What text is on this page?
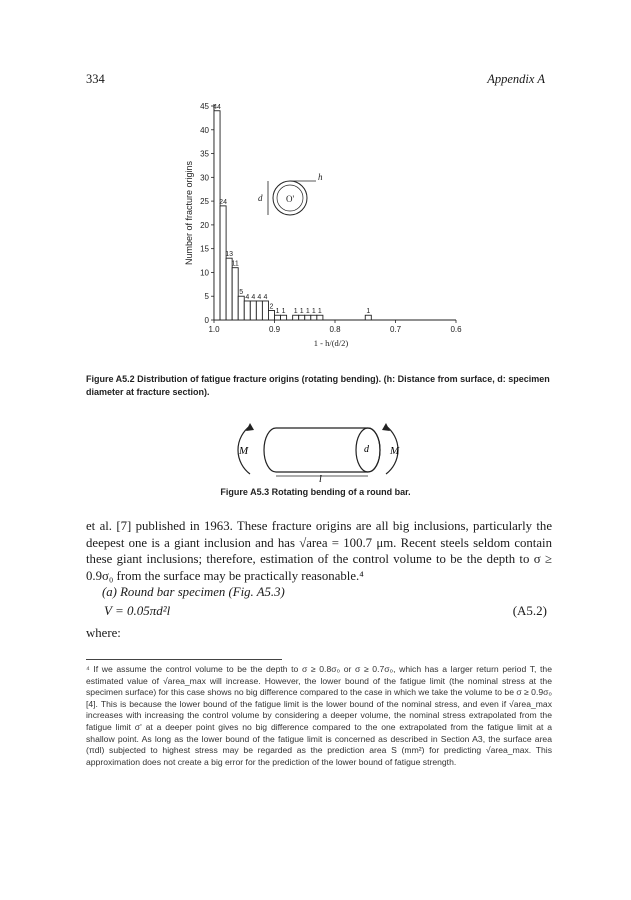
334	Appendix A
0
5
10
15
20
25
30
35
40
45
1.0	0.9	0.8	0.7	0.6
44
24
13
11
5
4 4 4 4
2
1 1 1 1 1 1 1	1
Number of fracture origins
1 - h/(d/2)
d
h
O'
Figure A5.2 Distribution of fatigue fracture origins (rotating bending). (h: Distance from surface, d: specimen diameter at fracture section).
M	M
d
l
Figure A5.3 Rotating bending of a round bar.
et al. [7] published in 1963. These fracture origins are all big inclusions, particularly the deepest one is a giant inclusion and has √area = 100.7 μm. Recent steels seldom contain these giant inclusions; therefore, estimation of the control volume to be the depth to σ ≥ 0.9σ₀ from the surface may be practically reasonable.⁴
(a) Round bar specimen (Fig. A5.3)
V = 0.05πd²l	(A5.2)
where:
⁴ If we assume the control volume to be the depth to σ ≥ 0.8σ₀ or σ ≥ 0.7σ₀, which has a larger return period T, the estimated value of √area_max will increase. However, the lower bound of the fatigue limit (the nominal stress at the specimen surface) for this case shows no big difference compared to the case in which we take the volume to be σ ≥ 0.9σ₀ [4]. This is because the lower bound of the fatigue limit is the lower bound of the nominal stress, and even if √area_max increases with increasing the control volume by considering a deeper volume, the nominal stress extrapolated from the fatigue limit σ' at a deeper point gives no big difference compared to the one extrapolated from the fatigue limit at a shallow point. As long as the lower bound of the fatigue limit is concerned as described in Section A3, the surface area (πdl) subjected to highest stress may be regarded as the prediction area S (mm²) for predicting √area_max. This approximation does not create a big error for the prediction of the lower bound of fatigue strength.
